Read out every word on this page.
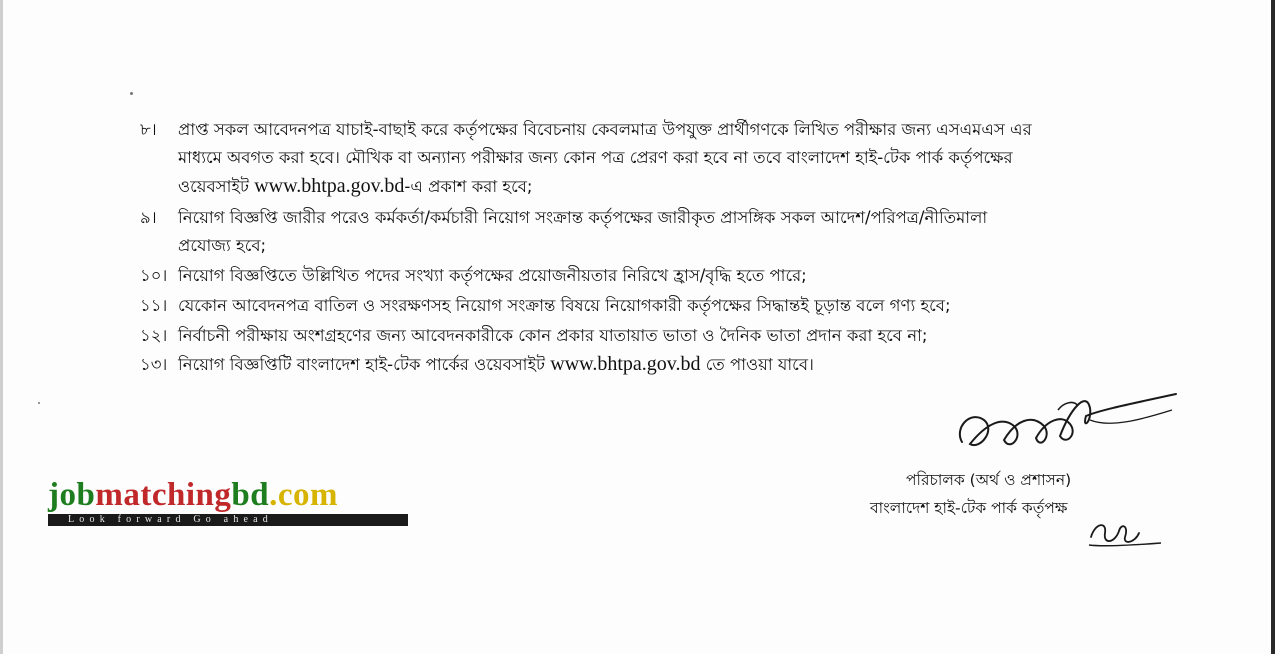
৮। প্রাপ্ত সকল আবেদনপত্র যাচাই-বাছাই করে কর্তৃপক্ষের বিবেচনায় কেবলমাত্র উপযুক্ত প্রার্থীগণকে লিখিত পরীক্ষার জন্য এসএমএস এর
মাধ্যমে অবগত করা হবে। মৌখিক বা অন্যান্য পরীক্ষার জন্য কোন পত্র প্রেরণ করা হবে না তবে বাংলাদেশ হাই-টেক পার্ক কর্তৃপক্ষের
ওয়েবসাইট www.bhtpa.gov.bd-এ প্রকাশ করা হবে;
৯। নিয়োগ বিজ্ঞপ্তি জারীর পরেও কর্মকর্তা/কর্মচারী নিয়োগ সংক্রান্ত কর্তৃপক্ষের জারীকৃত প্রাসঙ্গিক সকল আদেশ/পরিপত্র/নীতিমালা
প্রযোজ্য হবে;
১০। নিয়োগ বিজ্ঞপ্তিতে উল্লিখিত পদের সংখ্যা কর্তৃপক্ষের প্রয়োজনীয়তার নিরিখে হ্রাস/বৃদ্ধি হতে পারে;
১১। যেকোন আবেদনপত্র বাতিল ও সংরক্ষণসহ নিয়োগ সংক্রান্ত বিষয়ে নিয়োগকারী কর্তৃপক্ষের সিদ্ধান্তই চূড়ান্ত বলে গণ্য হবে;
১২। নির্বাচনী পরীক্ষায় অংশগ্রহণের জন্য আবেদনকারীকে কোন প্রকার যাতায়াত ভাতা ও দৈনিক ভাতা প্রদান করা হবে না;
১৩। নিয়োগ বিজ্ঞপ্তিটি বাংলাদেশ হাই-টেক পার্কের ওয়েবসাইট www.bhtpa.gov.bd তে পাওয়া যাবে।
পরিচালক (অর্থ ও প্রশাসন)
বাংলাদেশ হাই-টেক পার্ক কর্তৃপক্ষ
jobmatchingbd.com
Look forward Go ahead
